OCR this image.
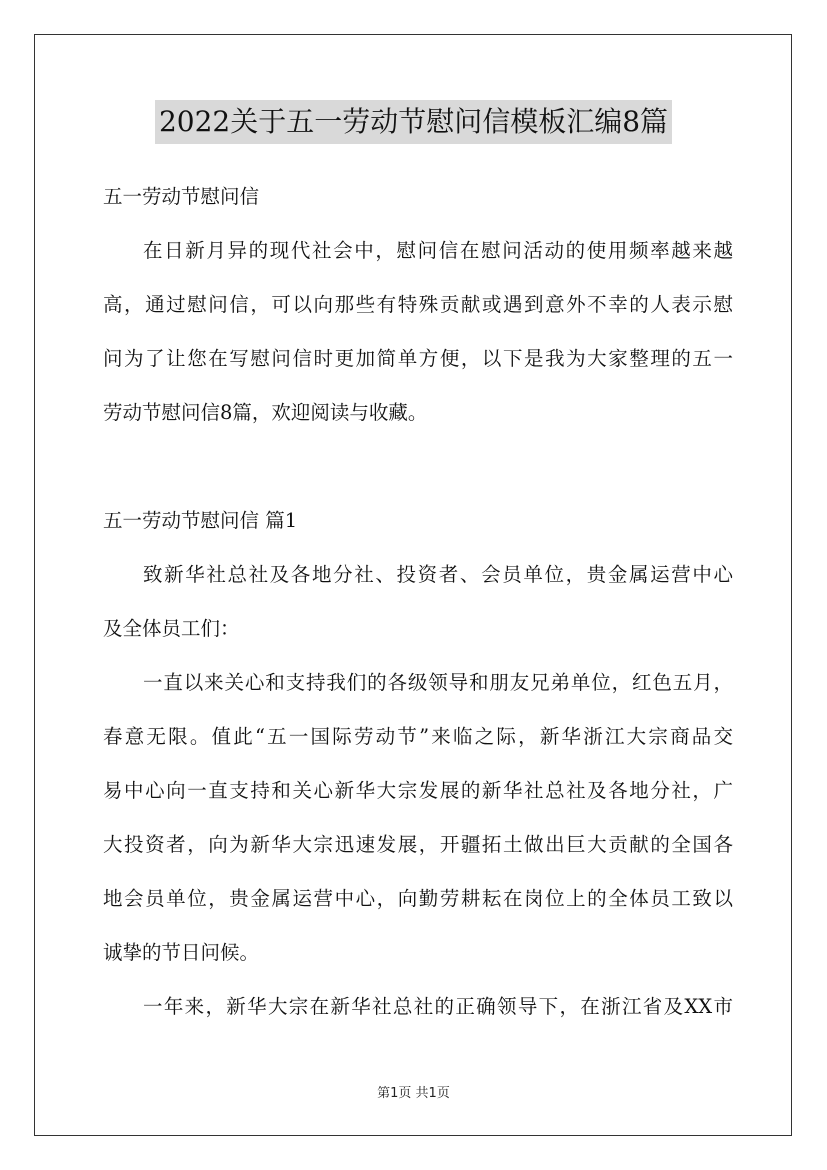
2022关于五一劳动节慰问信模板汇编8篇
五一劳动节慰问信
在日新月异的现代社会中，慰问信在慰问活动的使用频率越来越
高，通过慰问信，可以向那些有特殊贡献或遇到意外不幸的人表示慰
问为了让您在写慰问信时更加简单方便，以下是我为大家整理的五一
劳动节慰问信8篇，欢迎阅读与收藏。
五一劳动节慰问信 篇1
致新华社总社及各地分社、投资者、会员单位，贵金属运营中心
及全体员工们：
一直以来关心和支持我们的各级领导和朋友兄弟单位，红色五月，
春意无限。值此“五一国际劳动节”来临之际，新华浙江大宗商品交
易中心向一直支持和关心新华大宗发展的新华社总社及各地分社，广
大投资者，向为新华大宗迅速发展，开疆拓土做出巨大贡献的全国各
地会员单位，贵金属运营中心，向勤劳耕耘在岗位上的全体员工致以
诚挚的节日问候。
一年来，新华大宗在新华社总社的正确领导下，在浙江省及XX市
第1页 共1页
